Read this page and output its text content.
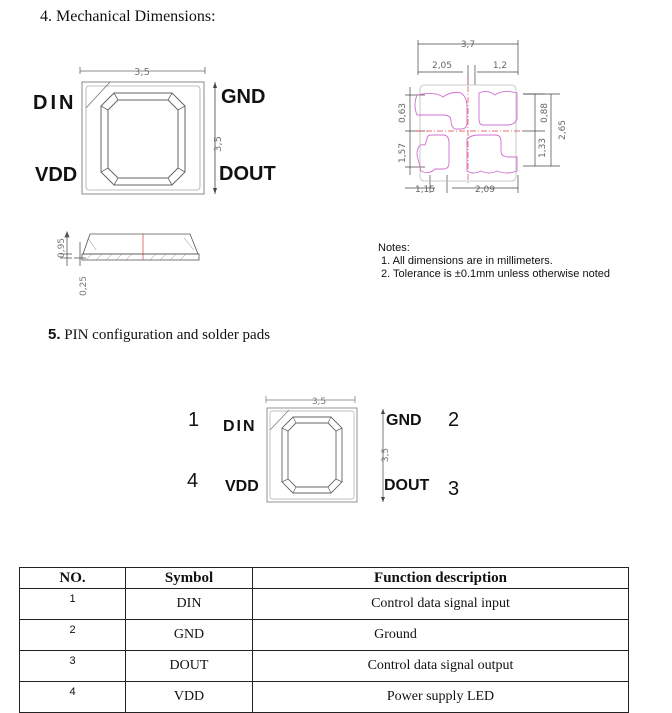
4. Mechanical Dimensions:
3,5
3,5
DIN	GND
VDD	DOUT
3,7
2,05	1,2
1,15	2,09
0,63
1,57
0,88
1,33
2,65
0,95
0,25
Notes:
1. All dimensions are in millimeters.
2. Tolerance is ±0.1mm unless otherwise noted
5. PIN configuration and solder pads
3,5
3,5
1 DIN	GND 2
4 VDD	DOUT 3
NO.	Symbol	Function description
1	DIN	Control data signal input
2	GND	Ground
3	DOUT	Control data signal output
4	VDD	Power supply LED
